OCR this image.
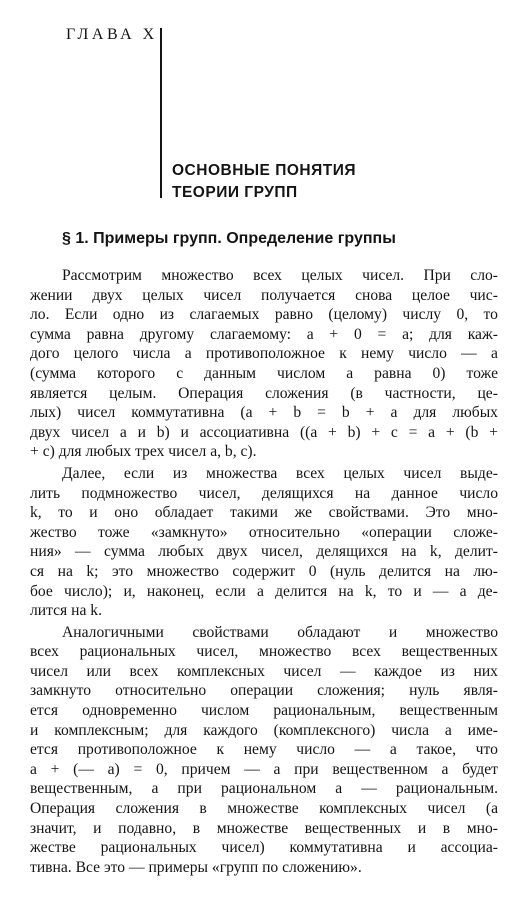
ГЛАВА X
ОСНОВНЫЕ ПОНЯТИЯ
ТЕОРИИ ГРУПП
§ 1. Примеры групп. Определение группы
Рассмотрим множество всех целых чисел. При сло-
жении двух целых чисел получается снова целое чис-
ло. Если одно из слагаемых равно (целому) числу 0, то
сумма равна другому слагаемому: a + 0 = a; для каж-
дого целого числа a противоположное к нему число — a
(сумма которого с данным числом a равна 0) тоже
является целым. Операция сложения (в частности, це-
лых) чисел коммутативна (a + b = b + a для любых
двух чисел a и b) и ассоциативна ((a + b) + c = a + (b +
+ c) для любых трех чисел a, b, c).
Далее, если из множества всех целых чисел выде-
лить подмножество чисел, делящихся на данное число
k, то и оно обладает такими же свойствами. Это мно-
жество тоже «замкнуто» относительно «операции сложе-
ния» — сумма любых двух чисел, делящихся на k, делит-
ся на k; это множество содержит 0 (нуль делится на лю-
бое число); и, наконец, если a делится на k, то и — a де-
лится на k.
Аналогичными свойствами обладают и множество
всех рациональных чисел, множество всех вещественных
чисел или всех комплексных чисел — каждое из них
замкнуто относительно операции сложения; нуль явля-
ется одновременно числом рациональным, вещественным
и комплексным; для каждого (комплексного) числа a име-
ется противоположное к нему число — a такое, что
a + (— a) = 0, причем — a при вещественном a будет
вещественным, а при рациональном a — рациональным.
Операция сложения в множестве комплексных чисел (а
значит, и подавно, в множестве вещественных и в мно-
жестве рациональных чисел) коммутативна и ассоциа-
тивна. Все это — примеры «групп по сложению».
